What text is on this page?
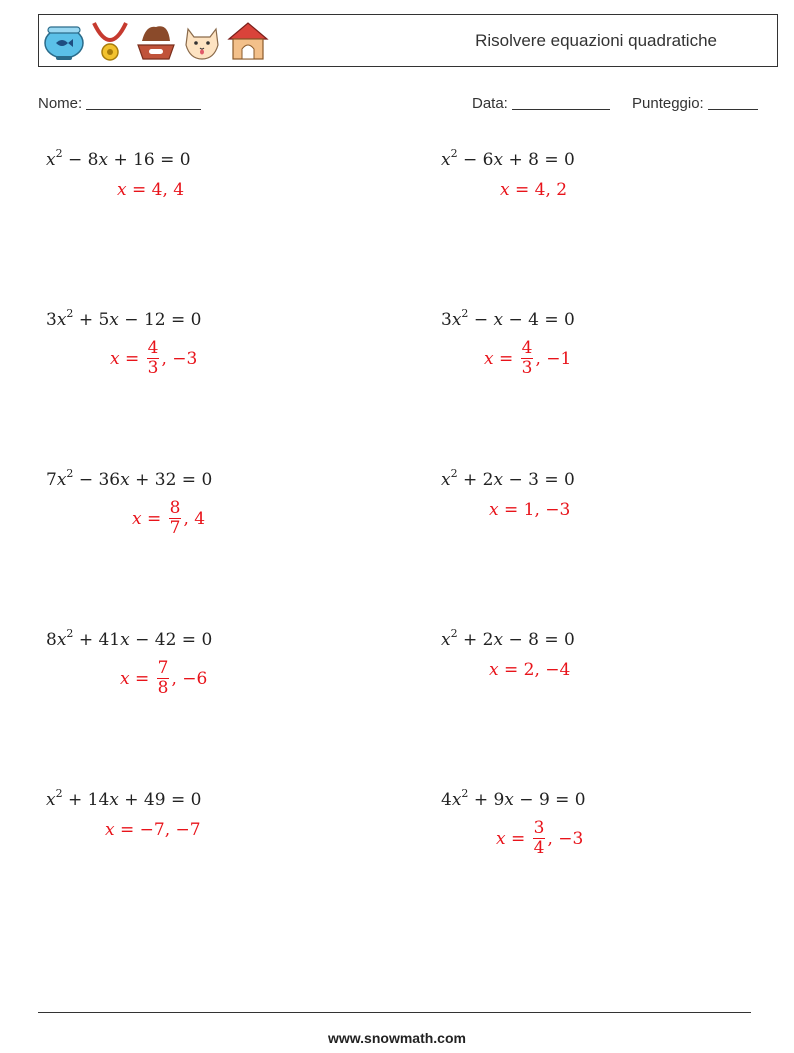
Risolvere equazioni quadratiche
Nome:	Data:	Punteggio:
$x^2 - 8x + 16 = 0$
x = 4, 4
$x^2 - 6x + 8 = 0$
x = 4, 2
$3x^2 + 5x - 12 = 0$
$x = \frac{4}{3}$ , −3
$3x^2 - x - 4 = 0$
$x = \frac{4}{3}$ , −1
$7x^2 - 36x + 32 = 0$
$x = \frac{8}{7}$ , 4
$x^2 + 2x - 3 = 0$
x = 1, −3
$8x^2 + 41x - 42 = 0$
$x = \frac{7}{8}$ , −6
$x^2 + 2x - 8 = 0$
x = 2, −4
$x^2 + 14x + 49 = 0$
x = −7, −7
$4x^2 + 9x - 9 = 0$
$x = \frac{3}{4}$ , −3
www.snowmath.com
